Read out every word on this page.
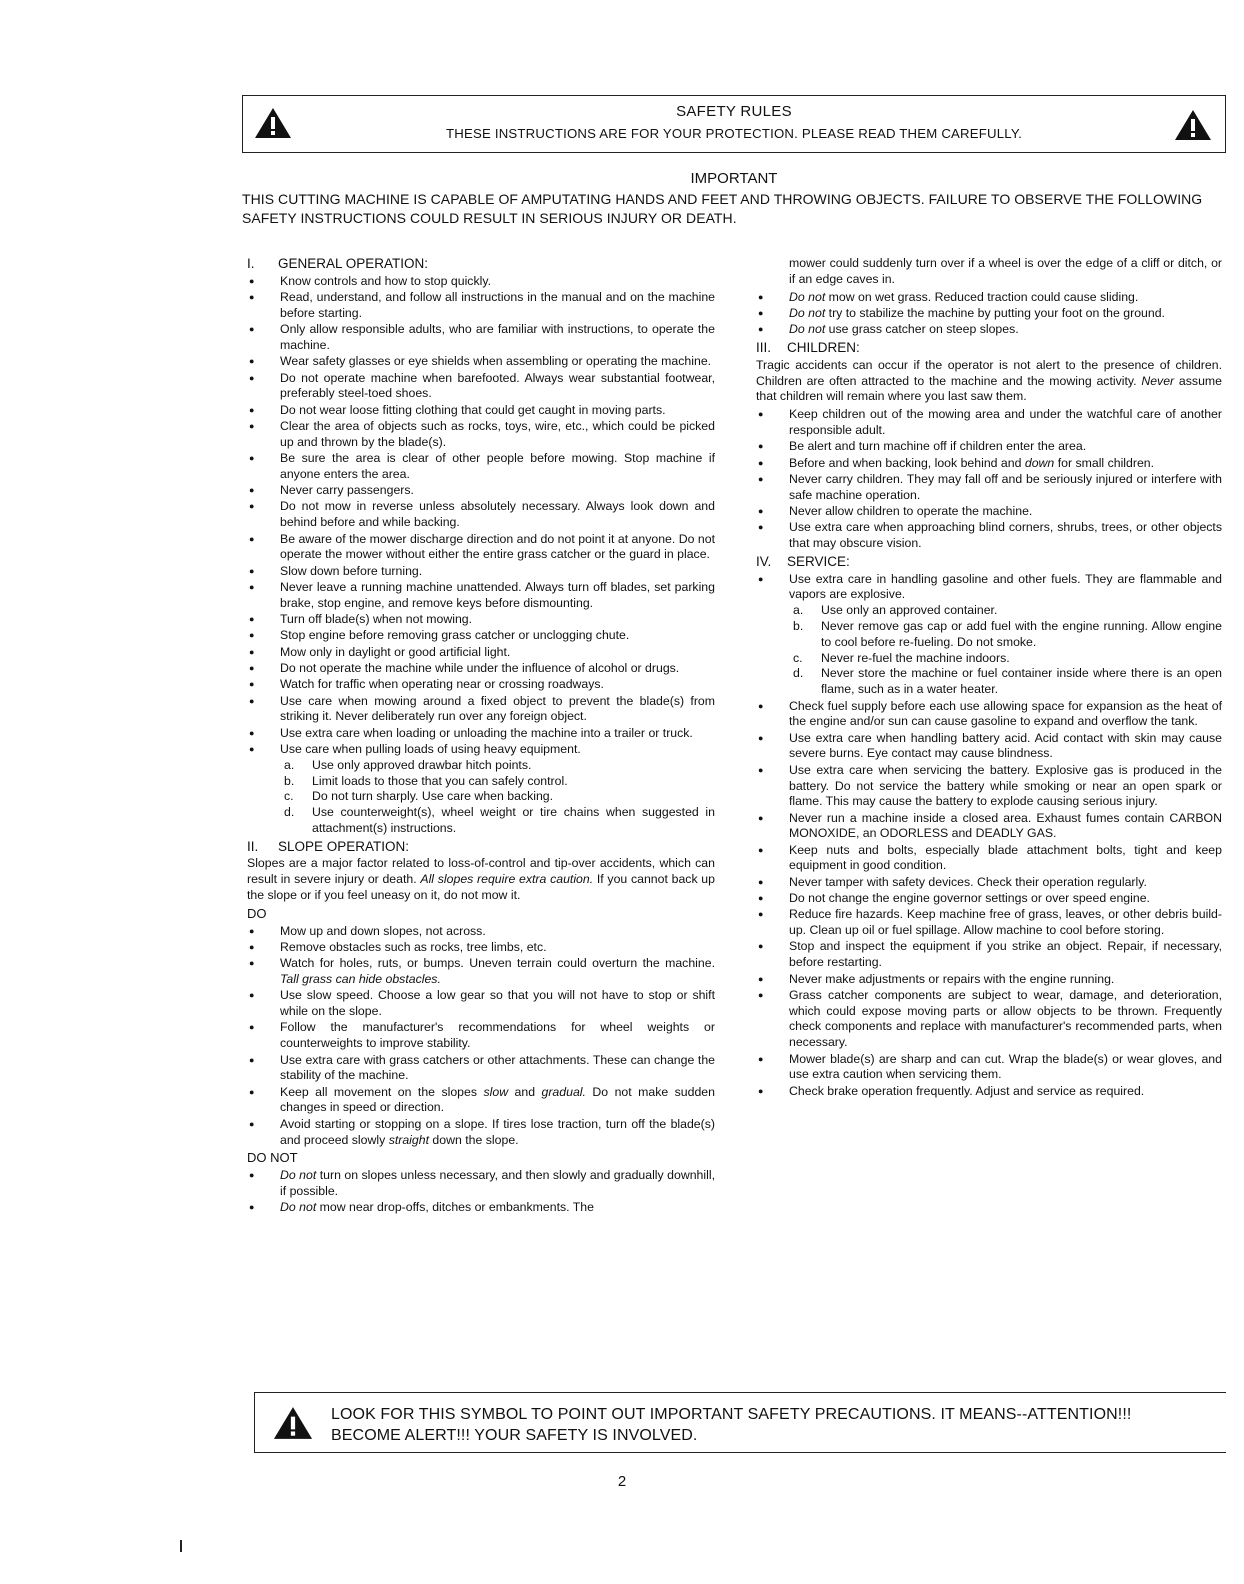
SAFETY RULES
THESE INSTRUCTIONS ARE FOR YOUR PROTECTION. PLEASE READ THEM CAREFULLY.
IMPORTANT
THIS CUTTING MACHINE IS CAPABLE OF AMPUTATING HANDS AND FEET AND THROWING OBJECTS. FAILURE TO OBSERVE THE FOLLOWING SAFETY INSTRUCTIONS COULD RESULT IN SERIOUS INJURY OR DEATH.
I.	GENERAL OPERATION:
● Know controls and how to stop quickly.
● Read, understand, and follow all instructions in the manual and on the machine before starting.
● Only allow responsible adults, who are familiar with instructions, to operate the machine.
● Wear safety glasses or eye shields when assembling or operating the machine.
● Do not operate machine when barefooted. Always wear substantial footwear, preferably steel-toed shoes.
● Do not wear loose fitting clothing that could get caught in moving parts.
● Clear the area of objects such as rocks, toys, wire, etc., which could be picked up and thrown by the blade(s).
● Be sure the area is clear of other people before mowing. Stop machine if anyone enters the area.
● Never carry passengers.
● Do not mow in reverse unless absolutely necessary. Always look down and behind before and while backing.
● Be aware of the mower discharge direction and do not point it at anyone. Do not operate the mower without either the entire grass catcher or the guard in place.
● Slow down before turning.
● Never leave a running machine unattended. Always turn off blades, set parking brake, stop engine, and remove keys before dismounting.
● Turn off blade(s) when not mowing.
● Stop engine before removing grass catcher or unclogging chute.
● Mow only in daylight or good artificial light.
● Do not operate the machine while under the influence of alcohol or drugs.
● Watch for traffic when operating near or crossing roadways.
● Use care when mowing around a fixed object to prevent the blade(s) from striking it. Never deliberately run over any foreign object.
● Use extra care when loading or unloading the machine into a trailer or truck.
● Use care when pulling loads of using heavy equipment.
a.	Use only approved drawbar hitch points.
b.	Limit loads to those that you can safely control.
c.	Do not turn sharply. Use care when backing.
d.	Use counterweight(s), wheel weight or tire chains when suggested in attachment(s) instructions.
II.	SLOPE OPERATION:
Slopes are a major factor related to loss-of-control and tip-over accidents, which can result in severe injury or death. All slopes require extra caution. If you cannot back up the slope or if you feel uneasy on it, do not mow it.
DO
● Mow up and down slopes, not across.
● Remove obstacles such as rocks, tree limbs, etc.
● Watch for holes, ruts, or bumps. Uneven terrain could overturn the machine. Tall grass can hide obstacles.
● Use slow speed. Choose a low gear so that you will not have to stop or shift while on the slope.
● Follow the manufacturer's recommendations for wheel weights or counterweights to improve stability.
● Use extra care with grass catchers or other attachments. These can change the stability of the machine.
● Keep all movement on the slopes slow and gradual. Do not make sudden changes in speed or direction.
● Avoid starting or stopping on a slope. If tires lose traction, turn off the blade(s) and proceed slowly straight down the slope.
DO NOT
● Do not turn on slopes unless necessary, and then slowly and gradually downhill, if possible.
● Do not mow near drop-offs, ditches or embankments. The
mower could suddenly turn over if a wheel is over the edge of a cliff or ditch, or if an edge caves in.
● Do not mow on wet grass. Reduced traction could cause sliding.
● Do not try to stabilize the machine by putting your foot on the ground.
● Do not use grass catcher on steep slopes.
III.	CHILDREN:
Tragic accidents can occur if the operator is not alert to the presence of children. Children are often attracted to the machine and the mowing activity. Never assume that children will remain where you last saw them.
● Keep children out of the mowing area and under the watchful care of another responsible adult.
● Be alert and turn machine off if children enter the area.
● Before and when backing, look behind and down for small children.
● Never carry children. They may fall off and be seriously injured or interfere with safe machine operation.
● Never allow children to operate the machine.
● Use extra care when approaching blind corners, shrubs, trees, or other objects that may obscure vision.
IV.	SERVICE:
● Use extra care in handling gasoline and other fuels. They are flammable and vapors are explosive.
a.	Use only an approved container.
b.	Never remove gas cap or add fuel with the engine running. Allow engine to cool before re-fueling. Do not smoke.
c.	Never re-fuel the machine indoors.
d.	Never store the machine or fuel container inside where there is an open flame, such as in a water heater.
● Check fuel supply before each use allowing space for expansion as the heat of the engine and/or sun can cause gasoline to expand and overflow the tank.
● Use extra care when handling battery acid. Acid contact with skin may cause severe burns. Eye contact may cause blindness.
● Use extra care when servicing the battery. Explosive gas is produced in the battery. Do not service the battery while smoking or near an open spark or flame. This may cause the battery to explode causing serious injury.
● Never run a machine inside a closed area. Exhaust fumes contain CARBON MONOXIDE, an ODORLESS and DEADLY GAS.
● Keep nuts and bolts, especially blade attachment bolts, tight and keep equipment in good condition.
● Never tamper with safety devices. Check their operation regularly.
● Do not change the engine governor settings or over speed engine.
● Reduce fire hazards. Keep machine free of grass, leaves, or other debris build-up. Clean up oil or fuel spillage. Allow machine to cool before storing.
● Stop and inspect the equipment if you strike an object. Repair, if necessary, before restarting.
● Never make adjustments or repairs with the engine running.
● Grass catcher components are subject to wear, damage, and deterioration, which could expose moving parts or allow objects to be thrown. Frequently check components and replace with manufacturer's recommended parts, when necessary.
● Mower blade(s) are sharp and can cut. Wrap the blade(s) or wear gloves, and use extra caution when servicing them.
● Check brake operation frequently. Adjust and service as required.
LOOK FOR THIS SYMBOL TO POINT OUT IMPORTANT SAFETY PRECAUTIONS. IT MEANS--ATTENTION!!!
BECOME ALERT!!! YOUR SAFETY IS INVOLVED.
2
